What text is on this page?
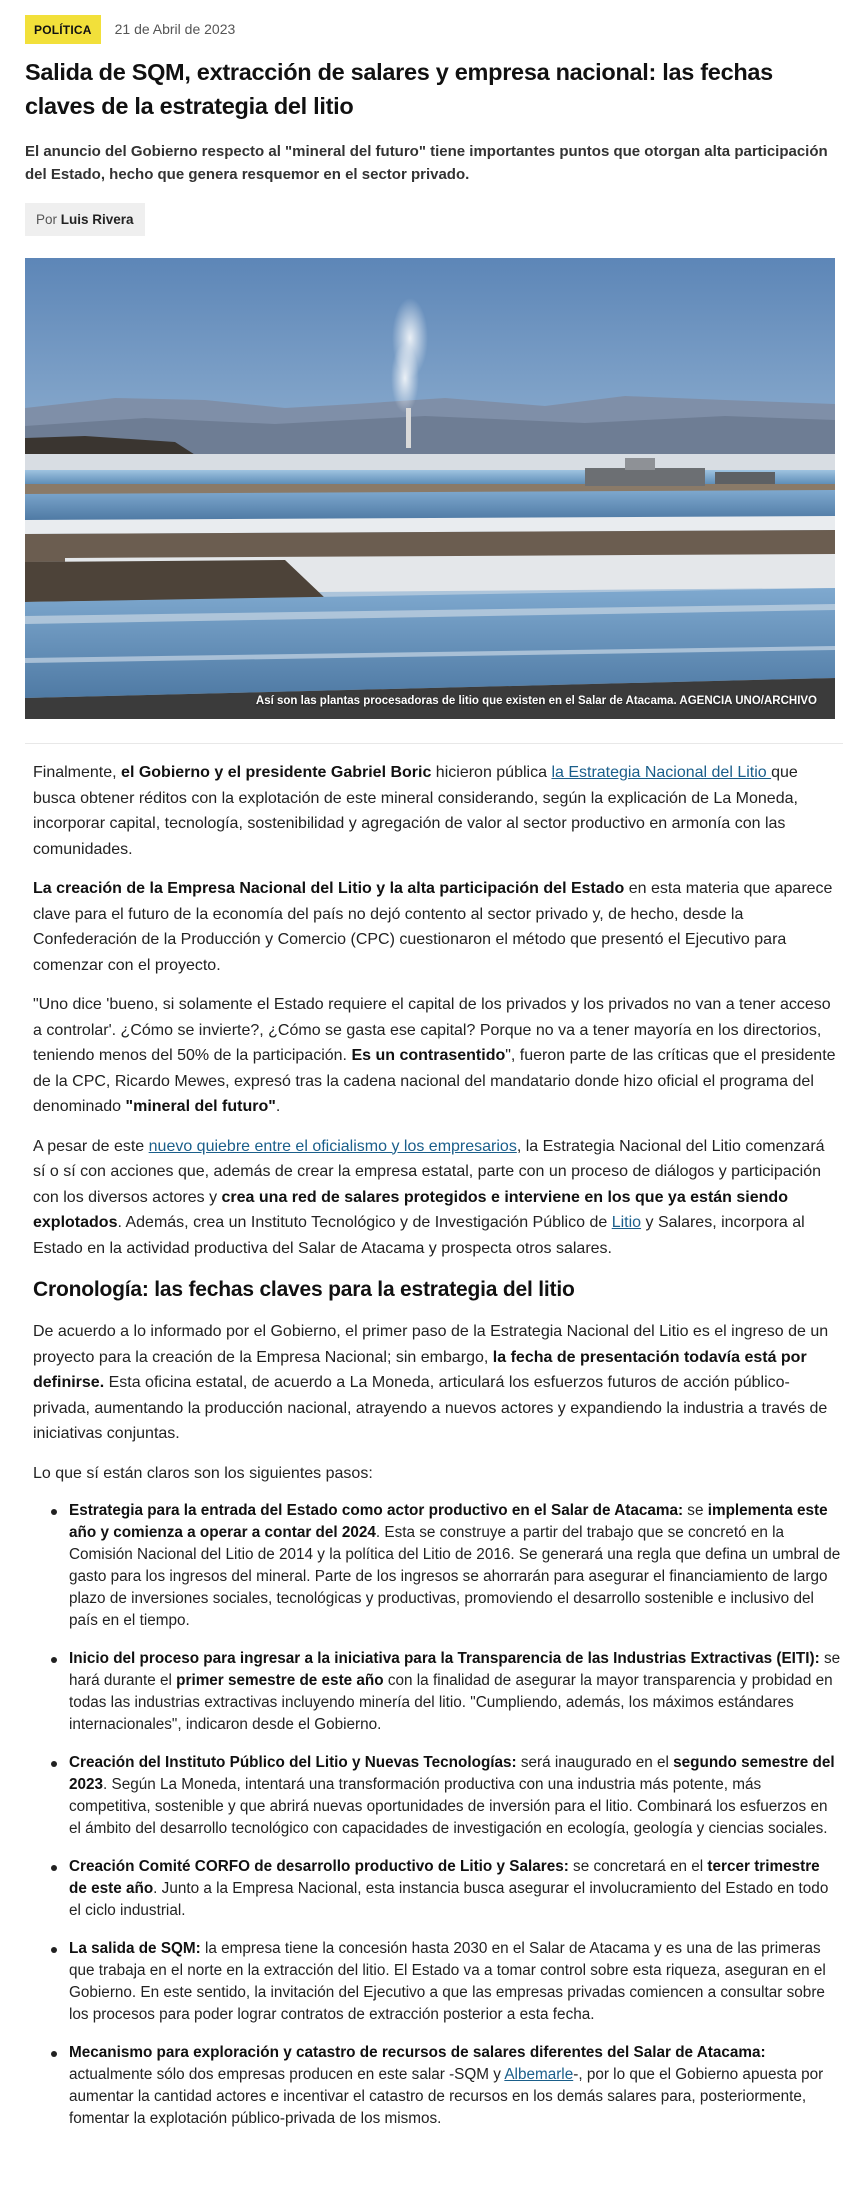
POLÍTICA	21 de Abril de 2023
Salida de SQM, extracción de salares y empresa nacional: las fechas claves de la estrategia del litio

El anuncio del Gobierno respecto al "mineral del futuro" tiene importantes puntos que otorgan alta participación del Estado, hecho que genera resquemor en el sector privado.

Por Luis Rivera
Así son las plantas procesadoras de litio que existen en el Salar de Atacama. AGENCIA UNO/ARCHIVO

Finalmente, el Gobierno y el presidente Gabriel Boric hicieron pública la Estrategia Nacional del Litio que busca obtener réditos con la explotación de este mineral considerando, según la explicación de La Moneda, incorporar capital, tecnología, sostenibilidad y agregación de valor al sector productivo en armonía con las comunidades.

La creación de la Empresa Nacional del Litio y la alta participación del Estado en esta materia que aparece clave para el futuro de la economía del país no dejó contento al sector privado y, de hecho, desde la Confederación de la Producción y Comercio (CPC) cuestionaron el método que presentó el Ejecutivo para comenzar con el proyecto.

"Uno dice 'bueno, si solamente el Estado requiere el capital de los privados y los privados no van a tener acceso a controlar'. ¿Cómo se invierte?, ¿Cómo se gasta ese capital? Porque no va a tener mayoría en los directorios, teniendo menos del 50% de la participación. Es un contrasentido", fueron parte de las críticas que el presidente de la CPC, Ricardo Mewes, expresó tras la cadena nacional del mandatario donde hizo oficial el programa del denominado "mineral del futuro".

A pesar de este nuevo quiebre entre el oficialismo y los empresarios, la Estrategia Nacional del Litio comenzará sí o sí con acciones que, además de crear la empresa estatal, parte con un proceso de diálogos y participación con los diversos actores y crea una red de salares protegidos e interviene en los que ya están siendo explotados. Además, crea un Instituto Tecnológico y de Investigación Público de Litio y Salares, incorpora al Estado en la actividad productiva del Salar de Atacama y prospecta otros salares.

Cronología: las fechas claves para la estrategia del litio

De acuerdo a lo informado por el Gobierno, el primer paso de la Estrategia Nacional del Litio es el ingreso de un proyecto para la creación de la Empresa Nacional; sin embargo, la fecha de presentación todavía está por definirse. Esta oficina estatal, de acuerdo a La Moneda, articulará los esfuerzos futuros de acción público-privada, aumentando la producción nacional, atrayendo a nuevos actores y expandiendo la industria a través de iniciativas conjuntas.

Lo que sí están claros son los siguientes pasos:

Estrategia para la entrada del Estado como actor productivo en el Salar de Atacama: se implementa este año y comienza a operar a contar del 2024. Esta se construye a partir del trabajo que se concretó en la Comisión Nacional del Litio de 2014 y la política del Litio de 2016. Se generará una regla que defina un umbral de gasto para los ingresos del mineral. Parte de los ingresos se ahorrarán para asegurar el financiamiento de largo plazo de inversiones sociales, tecnológicas y productivas, promoviendo el desarrollo sostenible e inclusivo del país en el tiempo.
Inicio del proceso para ingresar a la iniciativa para la Transparencia de las Industrias Extractivas (EITI): se hará durante el primer semestre de este año con la finalidad de asegurar la mayor transparencia y probidad en todas las industrias extractivas incluyendo minería del litio. "Cumpliendo, además, los máximos estándares internacionales", indicaron desde el Gobierno.
Creación del Instituto Público del Litio y Nuevas Tecnologías: será inaugurado en el segundo semestre del 2023. Según La Moneda, intentará una transformación productiva con una industria más potente, más competitiva, sostenible y que abrirá nuevas oportunidades de inversión para el litio. Combinará los esfuerzos en el ámbito del desarrollo tecnológico con capacidades de investigación en ecología, geología y ciencias sociales.
Creación Comité CORFO de desarrollo productivo de Litio y Salares: se concretará en el tercer trimestre de este año. Junto a la Empresa Nacional, esta instancia busca asegurar el involucramiento del Estado en todo el ciclo industrial.
La salida de SQM: la empresa tiene la concesión hasta 2030 en el Salar de Atacama y es una de las primeras que trabaja en el norte en la extracción del litio. El Estado va a tomar control sobre esta riqueza, aseguran en el Gobierno. En este sentido, la invitación del Ejecutivo a que las empresas privadas comiencen a consultar sobre los procesos para poder lograr contratos de extracción posterior a esta fecha.
Mecanismo para exploración y catastro de recursos de salares diferentes del Salar de Atacama: actualmente sólo dos empresas producen en este salar -SQM y Albemarle-, por lo que el Gobierno apuesta por aumentar la cantidad actores e incentivar el catastro de recursos en los demás salares para, posteriormente, fomentar la explotación público-privada de los mismos.
